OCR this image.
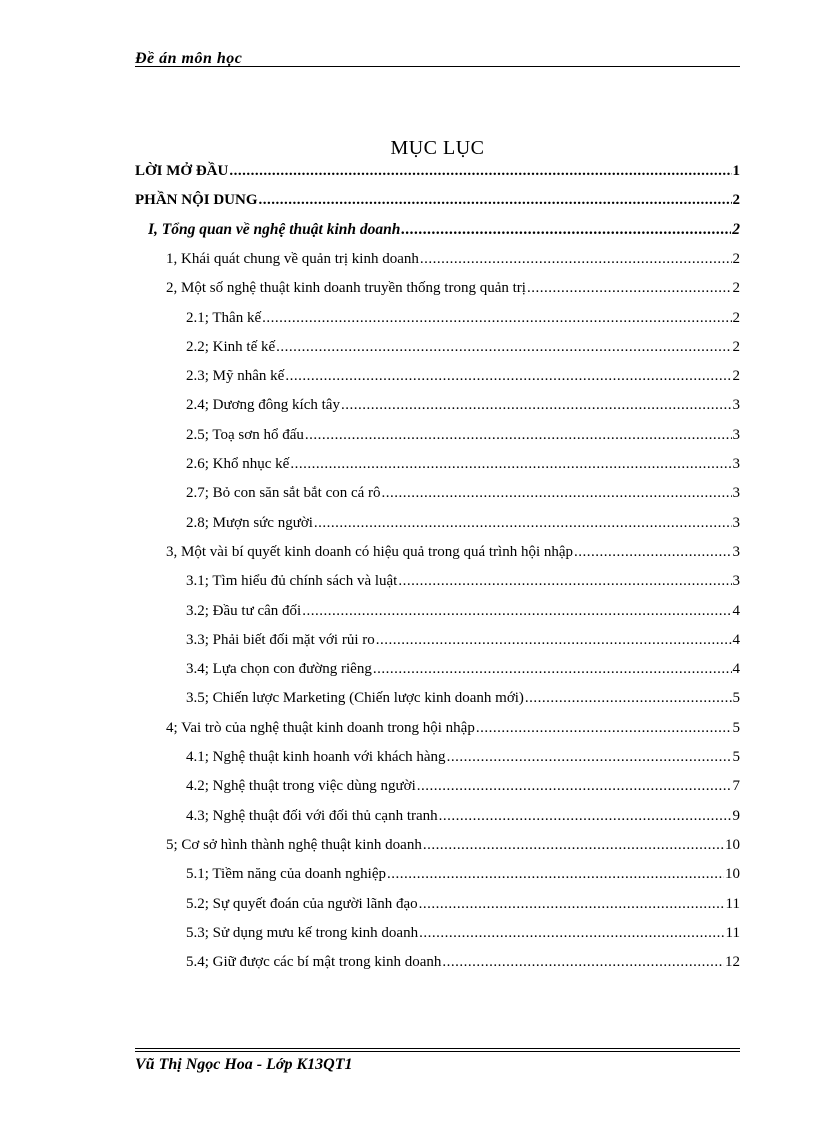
Đề án môn học
MỤC LỤC
LỜI MỞ ĐẦU .....	1
PHẦN NỘI DUNG .....	2
I, Tổng quan về nghệ thuật kinh doanh .....	2
1, Khái quát chung về quản trị kinh doanh .....	2
2, Một số nghệ thuật kinh doanh truyền thống trong quản trị .....	2
2.1; Thân kế .....	2
2.2; Kinh tế kế .....	2
2.3; Mỹ nhân kế .....	2
2.4; Dương đông kích tây .....	3
2.5; Toạ sơn hổ đấu .....	3
2.6; Khổ nhục kế .....	3
2.7; Bỏ con săn sắt bắt con cá rô .....	3
2.8; Mượn sức người .....	3
3, Một vài bí quyết kinh doanh có hiệu quả trong quá trình hội nhập .....	3
3.1; Tìm hiểu đủ chính sách và luật .....	3
3.2; Đầu tư cân đối .....	4
3.3; Phải biết đối mặt với rủi ro .....	4
3.4; Lựa chọn con đường riêng .....	4
3.5; Chiến lược Marketing (Chiến lược kinh doanh mới) .....	5
4; Vai trò của nghệ thuật kinh doanh trong hội nhập .....	5
4.1; Nghệ thuật kinh hoanh với khách hàng .....	5
4.2; Nghệ thuật trong việc dùng người .....	7
4.3; Nghệ thuật đối với đối thủ cạnh tranh .....	9
5; Cơ sở hình thành nghệ thuật kinh doanh .....	10
5.1; Tiềm năng của doanh nghiệp .....	10
5.2; Sự quyết đoán của người lãnh đạo .....	11
5.3; Sử dụng mưu kế trong kinh doanh .....	11
5.4; Giữ được các bí mật trong kinh doanh .....	12
Vũ Thị Ngọc Hoa - Lớp K13QT1
